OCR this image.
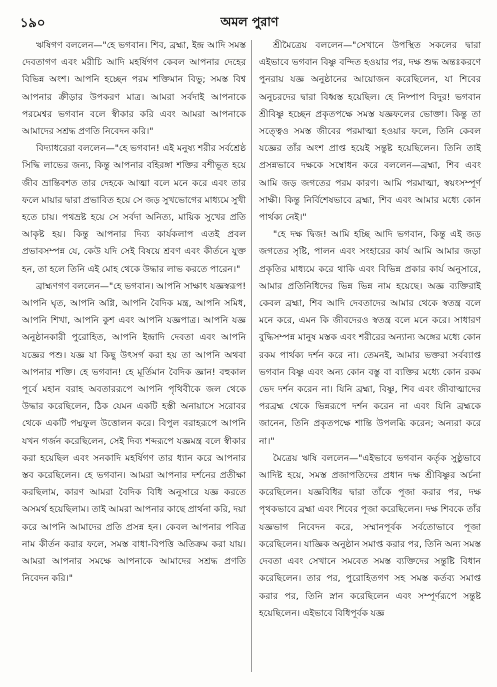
১৯০	অমল পুরাণ

ঋষিগণ বললেন—"হে ভগবান। শিব, ব্রহ্মা, ইন্দ্র আদি সমস্ত দেবতাগণ এবং মরীচি আদি মহর্ষিগণ কেবল আপনার দেহের বিভিন্ন অংশ। আপনি হচ্ছেন পরম শক্তিমান বিভু; সমস্ত বিশ্ব আপনার ক্রীড়ার উপকরণ মাত্র। আমরা সর্বদাই আপনাকে পরমেশ্বর ভগবান বলে স্বীকার করি এবং আমরা আপনাকে আমাদের সশ্রদ্ধ প্রণতি নিবেদন করি।"

বিদ্যাধরেরা বললেন—"হে ভগবান! এই মনুষ্য শরীর সর্বশ্রেষ্ঠ সিদ্ধি লাভের জন্য, কিন্তু আপনার বহিরঙ্গা শক্তির বশীভূত হয়ে জীব ভ্রান্তিবশত তার দেহকে আত্মা বলে মনে করে এবং তার ফলে মায়ার দ্বারা প্রভাবিত হয়ে সে জড় সুখভোগের মাধ্যমে সুখী হতে চায়। পথভ্রষ্ট হয়ে সে সর্বদা অনিত্য, মায়িক সুখের প্রতি আকৃষ্ট হয়। কিন্তু আপনার দিব্য কার্যকলাপ এতই প্রবল প্রভাবসম্পন্ন যে, কেউ যদি সেই বিষয়ে শ্রবণ এবং কীর্তনে যুক্ত হন, তা হলে তিনি এই মোহ থেকে উদ্ধার লাভ করতে পারেন।"

ব্রাহ্মণগণ বললেন—"হে ভগবান। আপনি সাক্ষাৎ যজ্ঞস্বরূপ! আপনি ঘৃত, আপনি অগ্নি, আপনি বৈদিক মন্ত্র, আপনি সমিধ, আপনি শিখা, আপনি কুশ এবং আপনি যজ্ঞপাত্র। আপনি যজ্ঞ অনুষ্ঠানকারী পুরোহিত, আপনি ইন্দ্রাদি দেবতা এবং আপনি যজ্ঞের পশু। যজ্ঞ যা কিছু উৎসর্গ করা হয় তা আপনি অথবা আপনার শক্তি। হে ভগবান! হে মূর্তিমান বৈদিক জ্ঞান! বহুকাল পূর্বে মহান বরাহ অবতাররূপে আপনি পৃথিবীকে জল থেকে উদ্ধার করেছিলেন, ঠিক যেমন একটি হস্তী অনায়াসে সরোবর থেকে একটি পদ্মফুল উত্তোলন করে। বিপুল বরাহরূপে আপনি যখন গর্জন করেছিলেন, সেই দিব্য শব্দরূপে যজ্ঞমন্ত্র বলে স্বীকার করা হয়েছিল এবং সনকাদি মহর্ষিগণ তার ধ্যান করে আপনার স্তব করেছিলেন। হে ভগবান। আমরা আপনার দর্শনের প্রতীক্ষা করছিলাম, কারণ আমরা বৈদিক বিধি অনুসারে যজ্ঞ করতে অসমর্থ হয়েছিলাম। তাই আমরা আপনার কাছে প্রার্থনা করি, দয়া করে আপনি আমাদের প্রতি প্রসন্ন হন। কেবল আপনার পবিত্র নাম কীর্তন করার ফলে, সমস্ত বাধা-বিপত্তি অতিক্রম করা যায়। আমরা আপনার সমক্ষে আপনাকে আমাদের সশ্রদ্ধ প্রণতি নিবেদন করি।"

শ্রীমৈত্রেয় বললেন—"সেখানে উপস্থিত সকলের দ্বারা এইভাবে ভগবান বিষ্ণু বন্দিত হওয়ার পর, দক্ষ শুদ্ধ অন্তঃকরণে পুনরায় যজ্ঞ অনুষ্ঠানের আয়োজন করেছিলেন, যা শিবের অনুচরদের দ্বারা বিধ্বস্ত হয়েছিল। হে নিষ্পাপ বিদুর! ভগবান শ্রীবিষ্ণু হচ্ছেন প্রকৃতপক্ষে সমস্ত যজ্ঞফলের ভোক্তা। কিন্তু তা সত্ত্বেও সমস্ত জীবের পরমাত্মা হওয়ার ফলে, তিনি কেবল যজ্ঞের তাঁর অংশ প্রাপ্ত হয়েই সন্তুষ্ট হয়েছিলেন। তিনি তাই প্রসন্নভাবে দক্ষকে সম্বোধন করে বললেন—ব্রহ্মা, শিব এবং আমি জড় জগতের পরম কারণ। আমি পরমাত্মা, স্বয়ংসম্পূর্ণ সাক্ষী। কিন্তু নির্বিশেষভাবে ব্রহ্মা, শিব এবং আমার মধ্যে কোন পার্থক্য নেই।"

"হে দক্ষ দ্বিজ! আমি হচ্ছি আদি ভগবান, কিন্তু এই জড় জগতের সৃষ্টি, পালন এবং সংহারের কার্য আমি আমার জড়া প্রকৃতির মাধ্যমে করে থাকি এবং বিভিন্ন প্রকার কার্য অনুসারে, আমার প্রতিনিধিদের ভিন্ন ভিন্ন নাম হয়েছে। অজ্ঞ ব্যক্তিরাই কেবল ব্রহ্মা, শিব আদি দেবতাদের আমার থেকে স্বতন্ত্র বলে মনে করে, এমন কি জীবদেরও স্বতন্ত্র বলে মনে করে। সাধারণ বুদ্ধিসম্পন্ন মানুষ মস্তক এবং শরীরের অন্যান্য অঙ্গের মধ্যে কোন রকম পার্থক্য দর্শন করে না। তেমনই, আমার ভক্তরা সর্বব্যাপ্ত ভগবান বিষ্ণু এবং অন্য কোন বস্তু বা ব্যক্তির মধ্যে কোন রকম ভেদ দর্শন করেন না। যিনি ব্রহ্মা, বিষ্ণু, শিব এবং জীবাত্মাদের পরব্রহ্ম থেকে ভিন্নরূপে দর্শন করেন না এবং যিনি ব্রহ্মকে জানেন, তিনি প্রকৃতপক্ষে শান্তি উপলব্ধি করেন; অন্যরা করে না।"

মৈত্রেয় ঋষি বললেন—"এইভাবে ভগবান কর্তৃক সুষ্ঠুভাবে আদিষ্ট হয়ে, সমস্ত প্রজাপতিদের প্রধান দক্ষ শ্রীবিষ্ণুর অর্চনা করেছিলেন। যজ্ঞবিধির দ্বারা তাঁকে পূজা করার পর, দক্ষ পৃথকভাবে ব্রহ্মা এবং শিবের পূজা করেছিলেন। দক্ষ শিবকে তাঁর যজ্ঞভাগ নিবেদন করে, সম্মানপূর্বক সর্বতোভাবে পূজা করেছিলেন। যাজ্ঞিক অনুষ্ঠান সমাপ্ত করার পর, তিনি অন্য সমস্ত দেবতা এবং সেখানে সমবেত সমস্ত ব্যক্তিদের সন্তুষ্টি বিধান করেছিলেন। তার পর, পুরোহিতগণ সহ সমস্ত কর্তব্য সমাপ্ত করার পর, তিনি স্নান করেছিলেন এবং সম্পূর্ণরূপে সন্তুষ্ট হয়েছিলেন। এইভাবে বিধিপূর্বক যজ্ঞ
